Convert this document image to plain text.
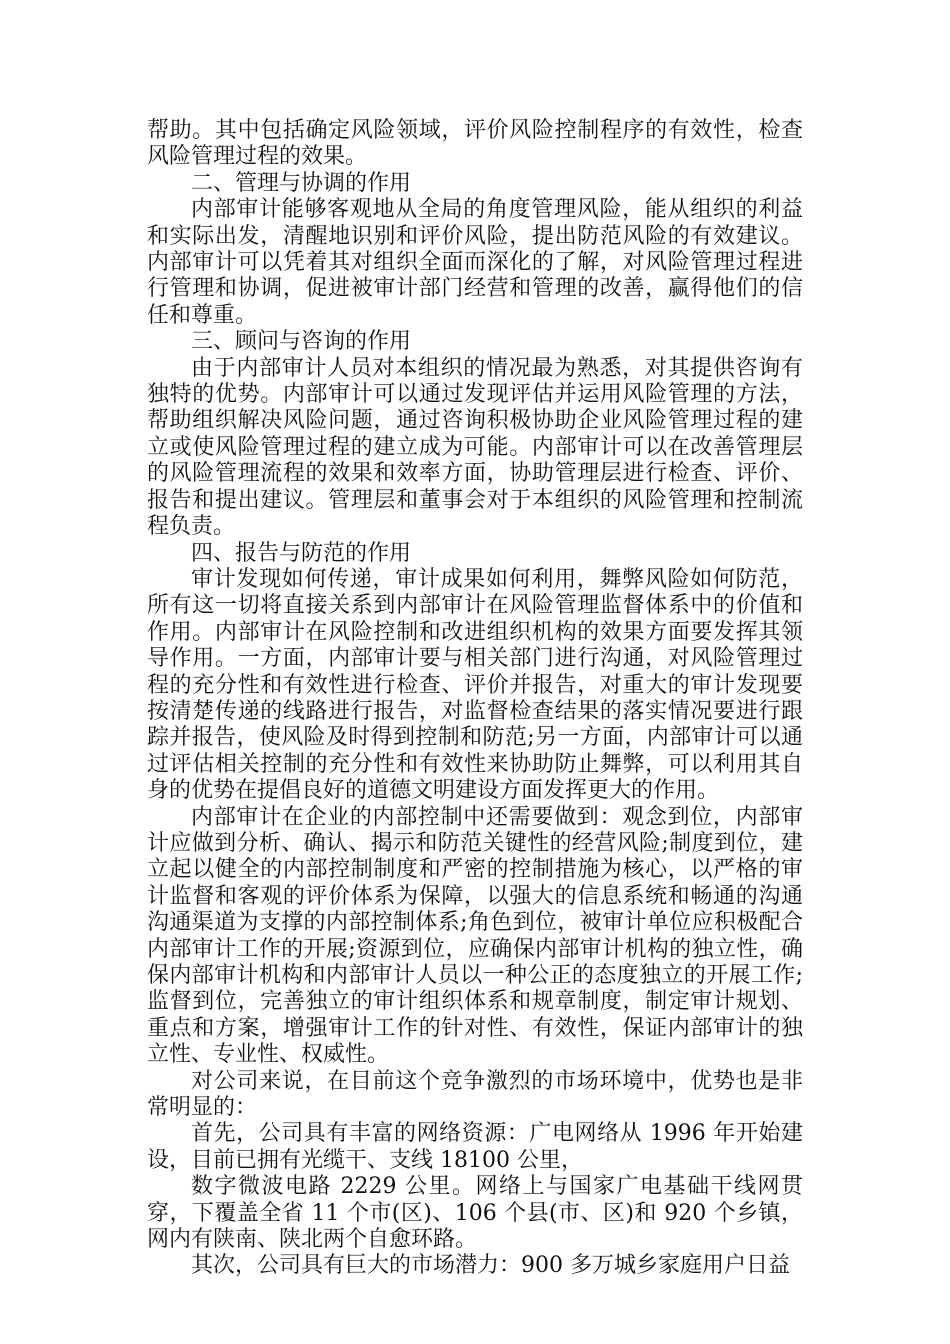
帮助。其中包括确定风险领域，评价风险控制程序的有效性，检查风险管理过程的效果。

二、管理与协调的作用

内部审计能够客观地从全局的角度管理风险，能从组织的利益和实际出发，清醒地识别和评价风险，提出防范风险的有效建议。内部审计可以凭着其对组织全面而深化的了解，对风险管理过程进行管理和协调，促进被审计部门经营和管理的改善，赢得他们的信任和尊重。

三、顾问与咨询的作用

由于内部审计人员对本组织的情况最为熟悉，对其提供咨询有独特的优势。内部审计可以通过发现评估并运用风险管理的方法，帮助组织解决风险问题，通过咨询积极协助企业风险管理过程的建立或使风险管理过程的建立成为可能。内部审计可以在改善管理层的风险管理流程的效果和效率方面，协助管理层进行检查、评价、报告和提出建议。管理层和董事会对于本组织的风险管理和控制流程负责。

四、报告与防范的作用

审计发现如何传递，审计成果如何利用，舞弊风险如何防范，所有这一切将直接关系到内部审计在风险管理监督体系中的价值和作用。内部审计在风险控制和改进组织机构的效果方面要发挥其领导作用。一方面，内部审计要与相关部门进行沟通，对风险管理过程的充分性和有效性进行检查、评价并报告，对重大的审计发现要按清楚传递的线路进行报告，对监督检查结果的落实情况要进行跟踪并报告，使风险及时得到控制和防范;另一方面，内部审计可以通过评估相关控制的充分性和有效性来协助防止舞弊，可以利用其自身的优势在提倡良好的道德文明建设方面发挥更大的作用。

内部审计在企业的内部控制中还需要做到：观念到位，内部审计应做到分析、确认、揭示和防范关键性的经营风险;制度到位，建立起以健全的内部控制制度和严密的控制措施为核心，以严格的审计监督和客观的评价体系为保障，以强大的信息系统和畅通的沟通沟通渠道为支撑的内部控制体系;角色到位，被审计单位应积极配合内部审计工作的开展;资源到位，应确保内部审计机构的独立性，确保内部审计机构和内部审计人员以一种公正的态度独立的开展工作;监督到位，完善独立的审计组织体系和规章制度，制定审计规划、重点和方案，增强审计工作的针对性、有效性，保证内部审计的独立性、专业性、权威性。

对公司来说，在目前这个竞争激烈的市场环境中，优势也是非常明显的：

首先，公司具有丰富的网络资源：广电网络从 1996 年开始建设，目前已拥有光缆干、支线 18100 公里，

数字微波电路 2229 公里。网络上与国家广电基础干线网贯穿，下覆盖全省 11 个市(区)、106 个县(市、区)和 920 个乡镇，网内有陕南、陕北两个自愈环路。

其次，公司具有巨大的市场潜力：900 多万城乡家庭用户日益
